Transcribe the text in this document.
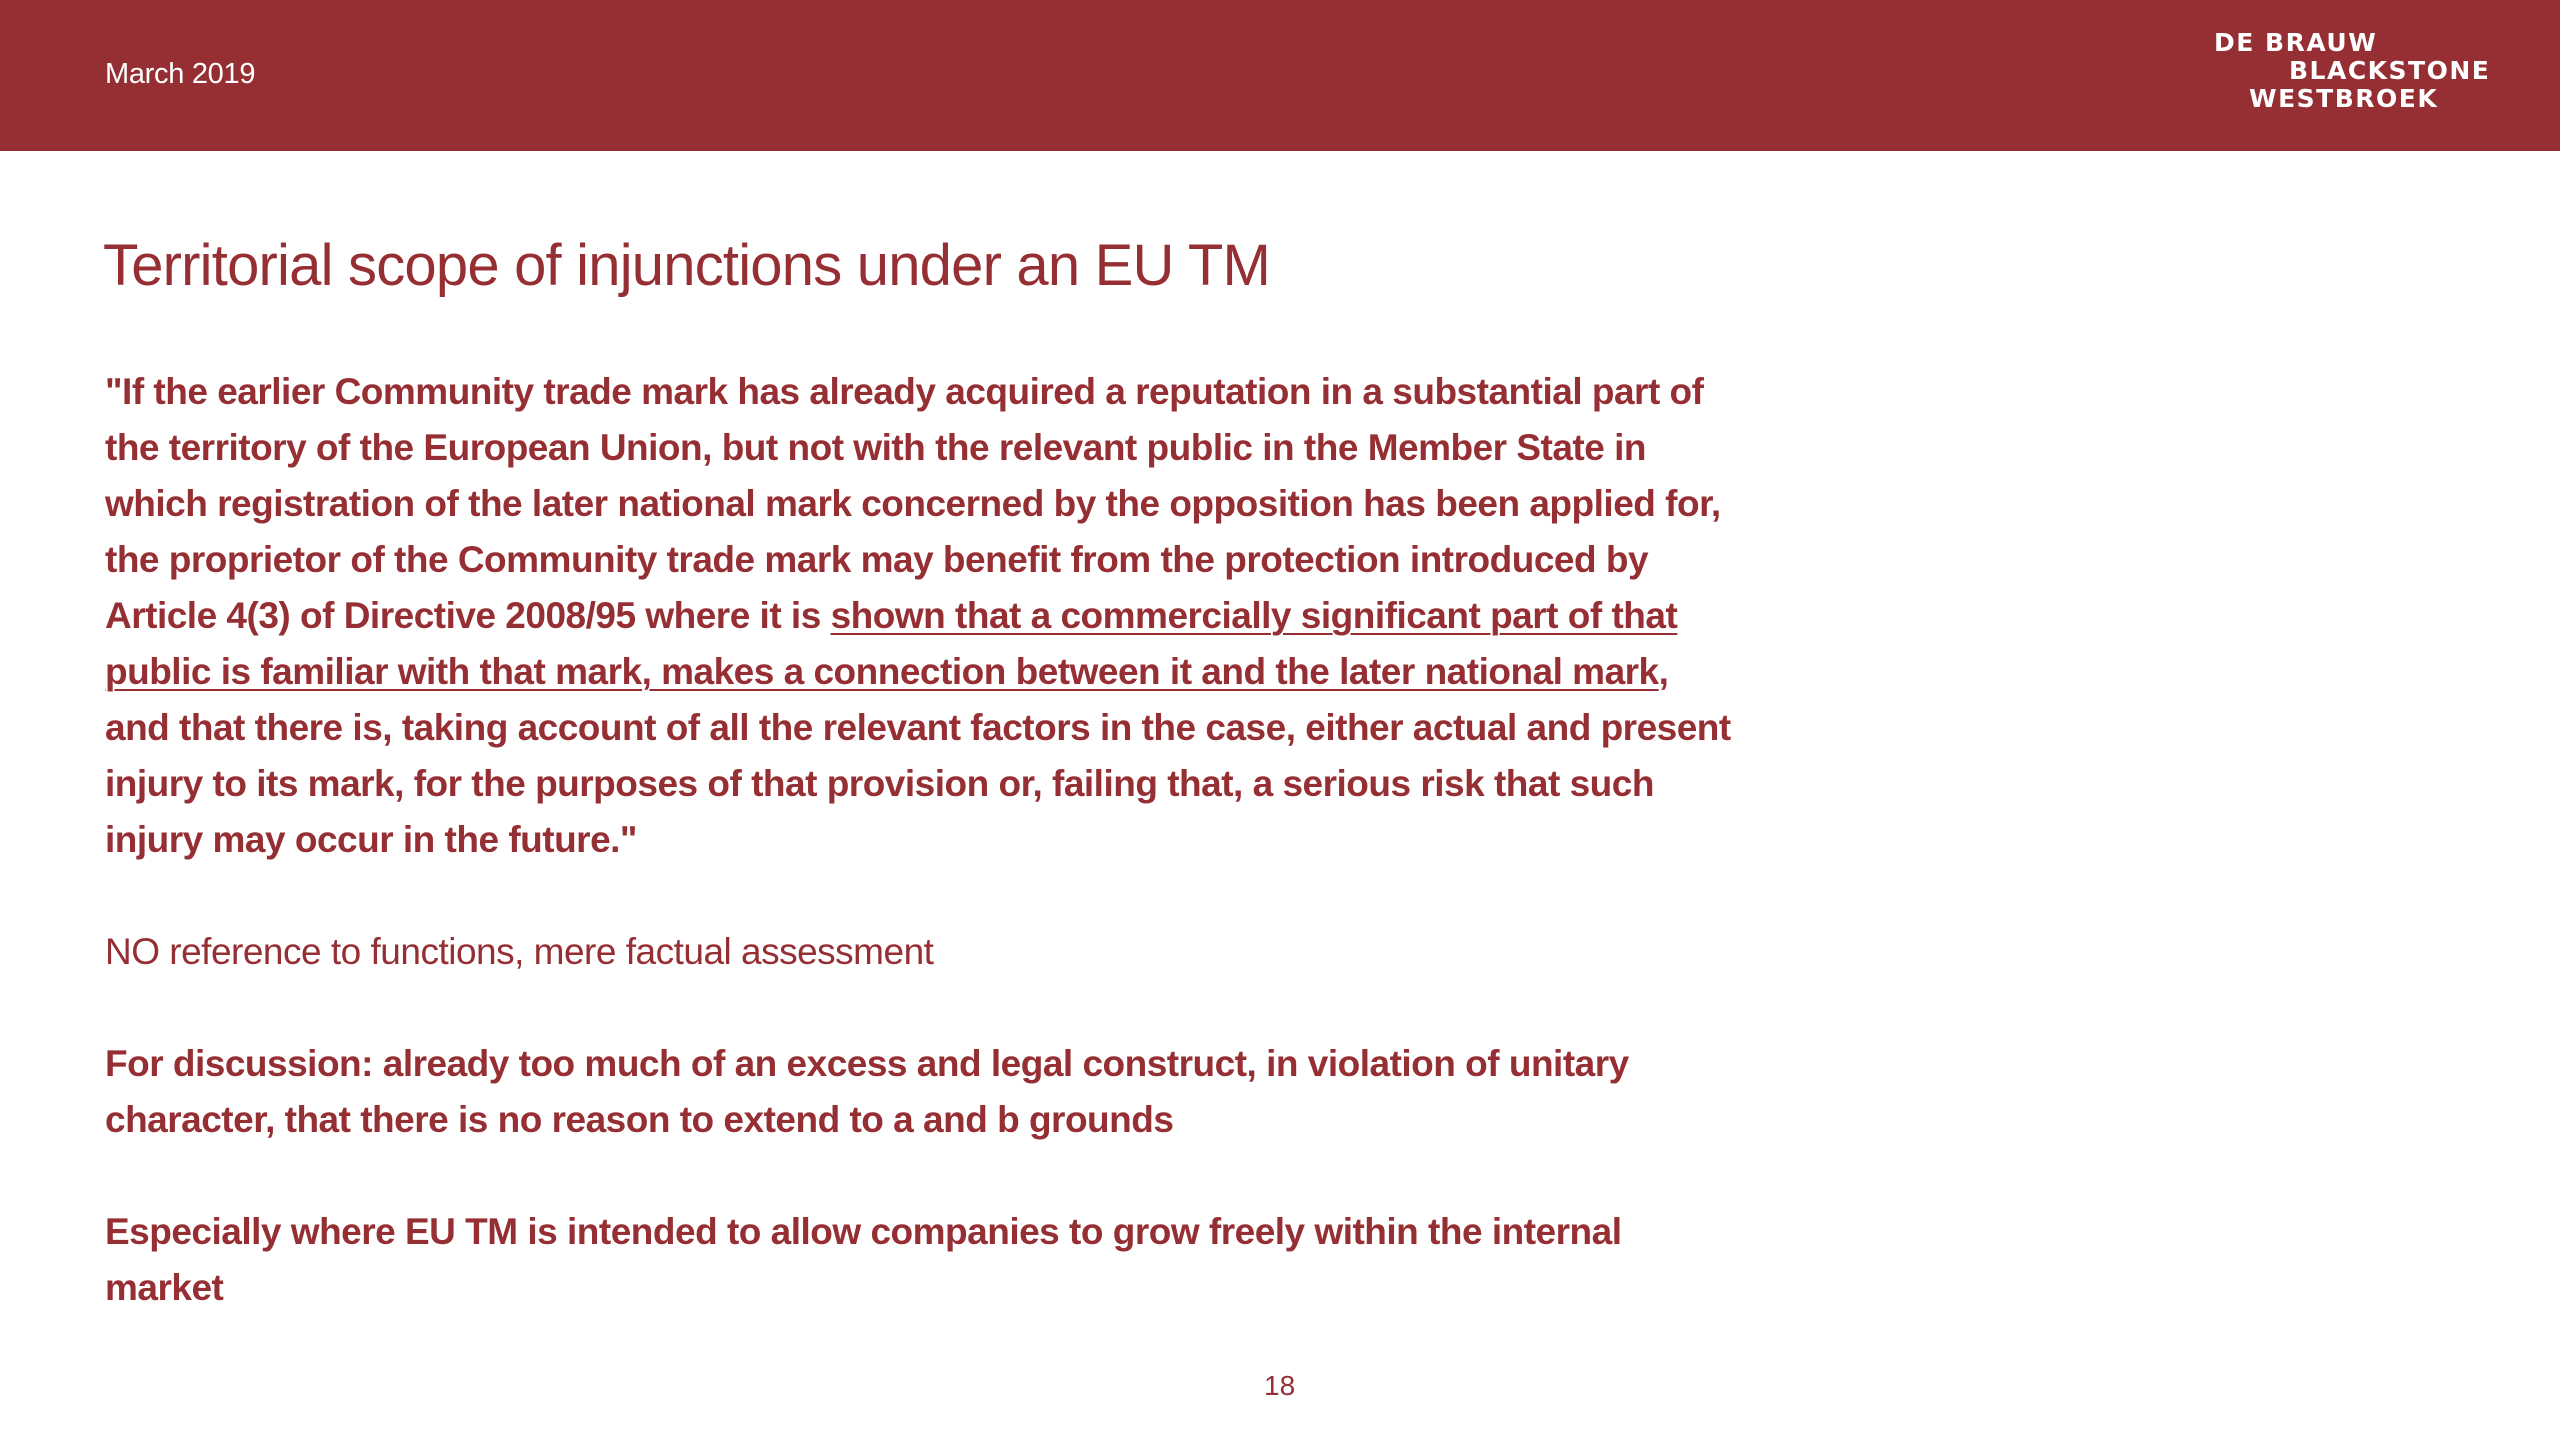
March 2019
DE BRAUW
BLACKSTONE
WESTBROEK
Territorial scope of injunctions under an EU TM

"If the earlier Community trade mark has already acquired a reputation in a substantial part of
the territory of the European Union, but not with the relevant public in the Member State in
which registration of the later national mark concerned by the opposition has been applied for,
the proprietor of the Community trade mark may benefit from the protection introduced by
Article 4(3) of Directive 2008/95 where it is shown that a commercially significant part of that
public is familiar with that mark, makes a connection between it and the later national mark,
and that there is, taking account of all the relevant factors in the case, either actual and present
injury to its mark, for the purposes of that provision or, failing that, a serious risk that such
injury may occur in the future."

NO reference to functions, mere factual assessment

For discussion: already too much of an excess and legal construct, in violation of unitary
character, that there is no reason to extend to a and b grounds

Especially where EU TM is intended to allow companies to grow freely within the internal
market

18
